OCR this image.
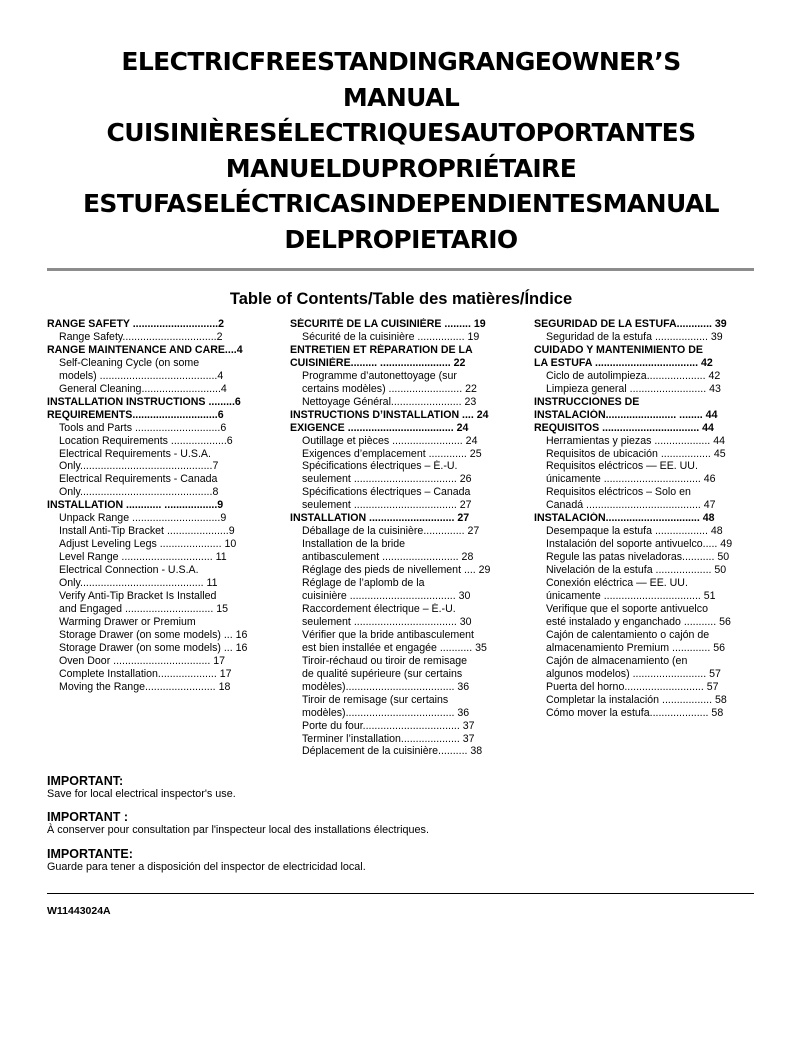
ELECTRICFREESTANDINGRANGEOWNER’S
MANUAL
CUISINIÈRESÉLECTRIQUESAUTOPORTANTES
MANUELDUPROPRIÉTAIRE
ESTUFASELÉCTRICASINDEPENDIENTESMANUAL
DELPROPIETARIO
Table of Contents/Table des matières/Índice
RANGE SAFETY .............................2
Range Safety................................2
RANGE MAINTENANCE AND CARE....4
Self-Cleaning Cycle (on some
models) ........................................4
General Cleaning...........................4
INSTALLATION INSTRUCTIONS .........6
REQUIREMENTS.............................6
Tools and Parts .............................6
Location Requirements ...................6
Electrical Requirements - U.S.A.
Only.............................................7
Electrical Requirements - Canada
Only.............................................8
INSTALLATION ............ ..................9
Unpack Range ..............................9
Install Anti-Tip Bracket .....................9
Adjust Leveling Legs ..................... 10
Level Range ............................... 11
Electrical Connection - U.S.A.
Only.......................................... 11
Verify Anti-Tip Bracket Is Installed
and Engaged .............................. 15
Warming Drawer or Premium
Storage Drawer (on some models) ... 16
Storage Drawer (on some models) ... 16
Oven Door ................................. 17
Complete Installation.................... 17
Moving the Range........................ 18
SÉCURITÉ DE LA CUISINIÈRE ......... 19
Sécurité de la cuisinière ................ 19
ENTRETIEN ET RÉPARATION DE LA
CUISINIÈRE......... ........................ 22
Programme d’autonettoyage (sur
certains modèles) ......................... 22
Nettoyage Général........................ 23
INSTRUCTIONS D’INSTALLATION .... 24
EXIGENCE .................................... 24
Outillage et pièces ........................ 24
Exigences d’emplacement ............. 25
Spécifications électriques – É.-U.
seulement ................................... 26
Spécifications électriques – Canada
seulement ................................... 27
INSTALLATION ............................. 27
Déballage de la cuisinière.............. 27
Installation de la bride
antibasculement .......................... 28
Réglage des pieds de nivellement .... 29
Réglage de l’aplomb de la
cuisinière .................................... 30
Raccordement électrique – É.-U.
seulement ................................... 30
Vérifier que la bride antibasculement
est bien installée et engagée ........... 35
Tiroir-réchaud ou tiroir de remisage
de qualité supérieure (sur certains
modèles)..................................... 36
Tiroir de remisage (sur certains
modèles)..................................... 36
Porte du four................................. 37
Terminer l’installation.................... 37
Déplacement de la cuisinière.......... 38
SEGURIDAD DE LA ESTUFA............ 39
Seguridad de la estufa .................. 39
CUIDADO Y MANTENIMIENTO DE
LA ESTUFA ................................... 42
Ciclo de autolimpieza.................... 42
Limpieza general .......................... 43
INSTRUCCIONES DE
INSTALACIÓN........................ ........ 44
REQUISITOS ................................. 44
Herramientas y piezas ................... 44
Requisitos de ubicación ................. 45
Requisitos eléctricos — EE. UU.
únicamente ................................. 46
Requisitos eléctricos – Solo en
Canadá ....................................... 47
INSTALACIÓN................................ 48
Desempaque la estufa .................. 48
Instalación del soporte antivuelco..... 49
Regule las patas niveladoras........... 50
Nivelación de la estufa ................... 50
Conexión eléctrica — EE. UU.
únicamente ................................. 51
Verifique que el soporte antivuelco
esté instalado y enganchado ........... 56
Cajón de calentamiento o cajón de
almacenamiento Premium ............. 56
Cajón de almacenamiento (en
algunos modelos) ......................... 57
Puerta del horno........................... 57
Completar la instalación ................. 58
Cómo mover la estufa.................... 58
IMPORTANT:
Save for local electrical inspector's use.
IMPORTANT :
À conserver pour consultation par l'inspecteur local des installations électriques.
IMPORTANTE:
Guarde para tener a disposición del inspector de electricidad local.
W11443024A
